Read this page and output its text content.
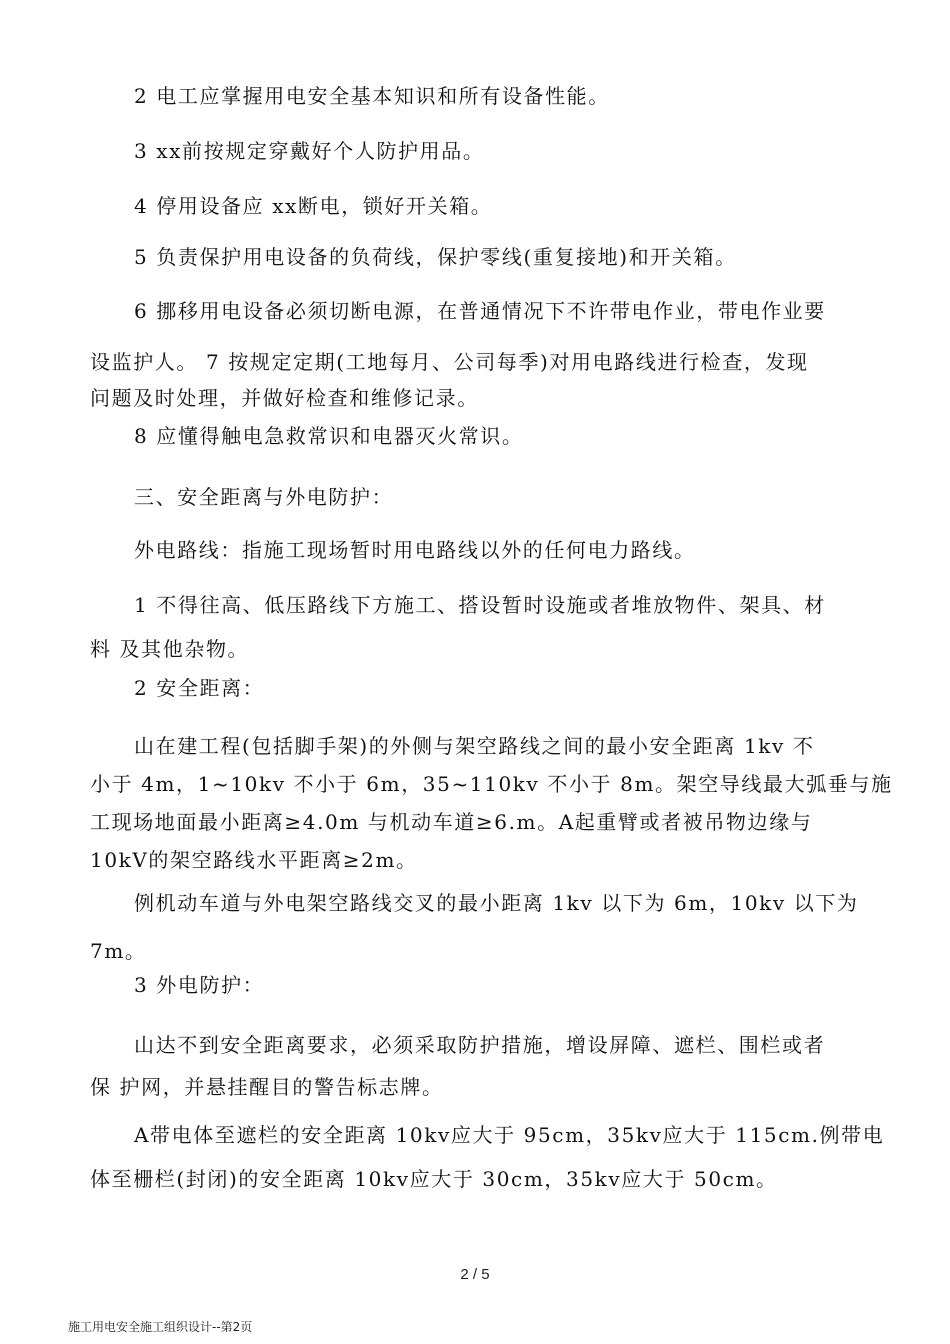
2 电工应掌握用电安全基本知识和所有设备性能。
3 xx前按规定穿戴好个人防护用品。
4 停用设备应 xx断电，锁好开关箱。
5 负责保护用电设备的负荷线，保护零线(重复接地)和开关箱。
6 挪移用电设备必须切断电源，在普通情况下不许带电作业，带电作业要
设监护人。 7 按规定定期(工地每月、公司每季)对用电路线进行检查，发现
问题及时处理，并做好检查和维修记录。
8 应懂得触电急救常识和电器灭火常识。
三、安全距离与外电防护：
外电路线：指施工现场暂时用电路线以外的任何电力路线。
1 不得往高、低压路线下方施工、搭设暂时设施或者堆放物件、架具、材
料 及其他杂物。
2 安全距离：
山在建工程(包括脚手架)的外侧与架空路线之间的最小安全距离 1kv 不
小于 4m，1~10kv 不小于 6m，35~110kv 不小于 8m。架空导线最大弧垂与施
工现场地面最小距离≥4.0m 与机动车道≥6.m。A起重臂或者被吊物边缘与
10kV的架空路线水平距离≥2m。
例机动车道与外电架空路线交叉的最小距离 1kv 以下为 6m，10kv 以下为
7m。
3 外电防护：
山达不到安全距离要求，必须采取防护措施，增设屏障、遮栏、围栏或者
保 护网，并悬挂醒目的警告标志牌。
A带电体至遮栏的安全距离 10kv应大于 95cm，35kv应大于 115cm.例带电
体至栅栏(封闭)的安全距离 10kv应大于 30cm，35kv应大于 50cm。
2 / 5
施工用电安全施工组织设计--第2页
